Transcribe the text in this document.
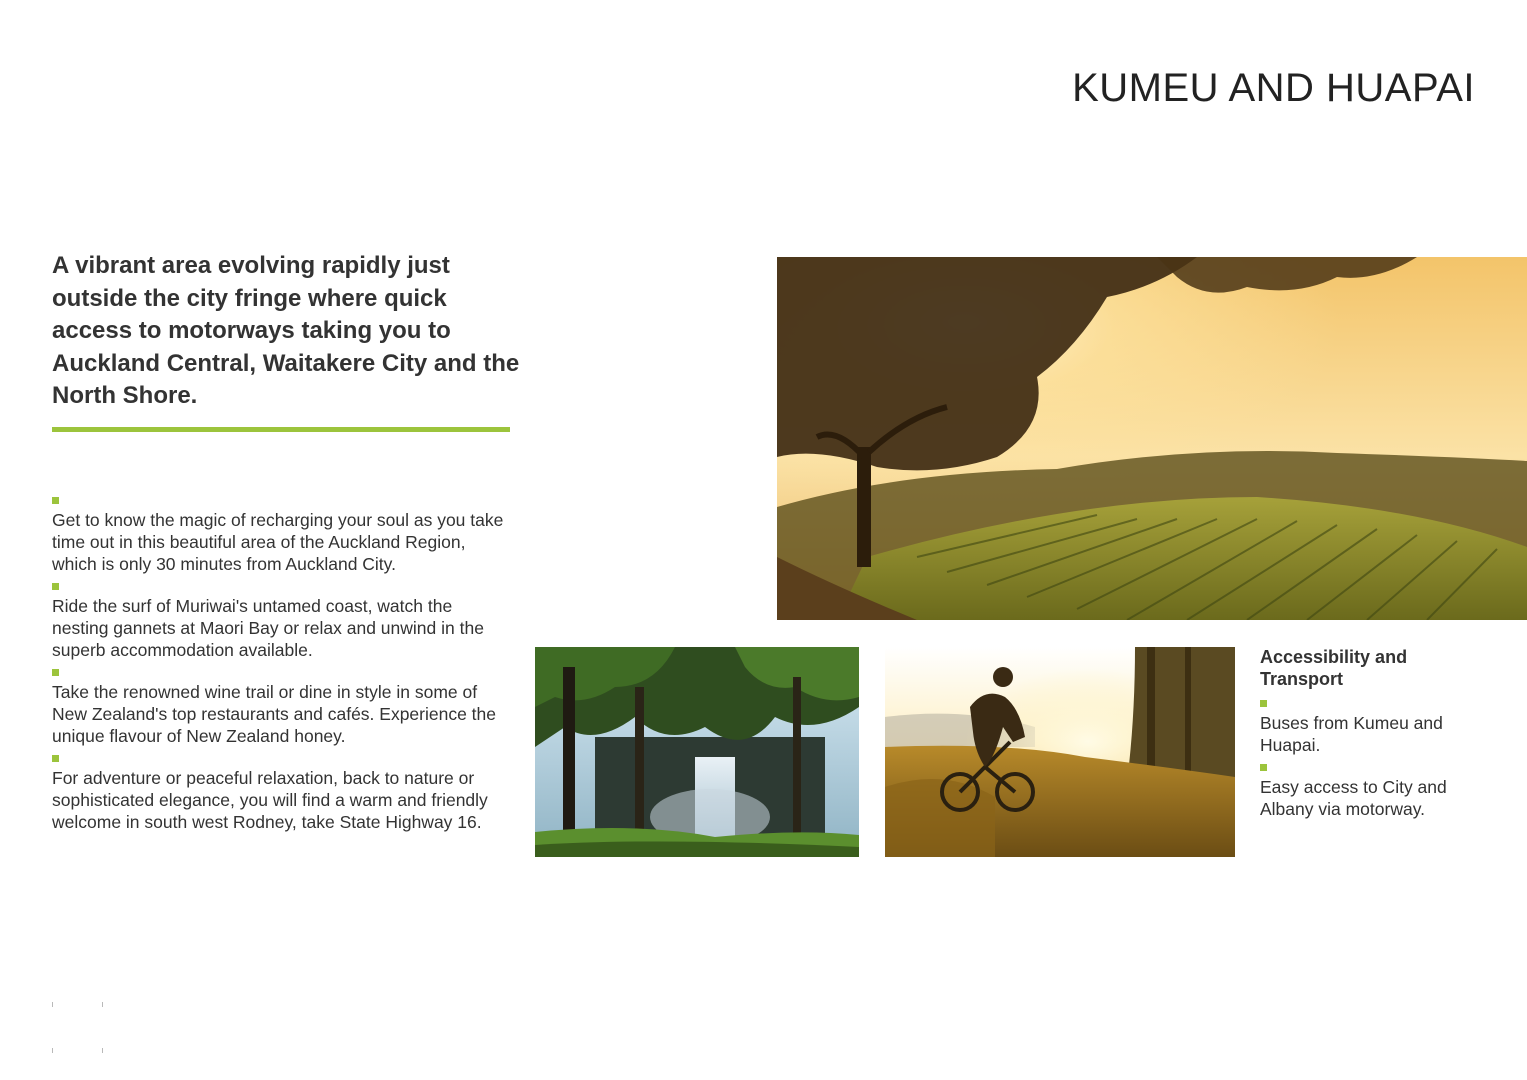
KUMEU AND HUAPAI

A vibrant area evolving rapidly just outside the city fringe where quick access to motorways taking you to Auckland Central, Waitakere City and the North Shore.

Get to know the magic of recharging your soul as you take time out in this beautiful area of the Auckland Region, which is only 30 minutes from Auckland City.

Ride the surf of Muriwai's untamed coast, watch the nesting gannets at Maori Bay or relax and unwind in the superb accommodation available.

Take the renowned wine trail or dine in style in some of New Zealand's top restaurants and cafés. Experience the unique flavour of New Zealand honey.

For adventure or peaceful relaxation, back to nature or sophisticated elegance, you will find a warm and friendly welcome in south west Rodney, take State Highway 16.

Accessibility and Transport

Buses from Kumeu and Huapai.

Easy access to City and Albany via motorway.
